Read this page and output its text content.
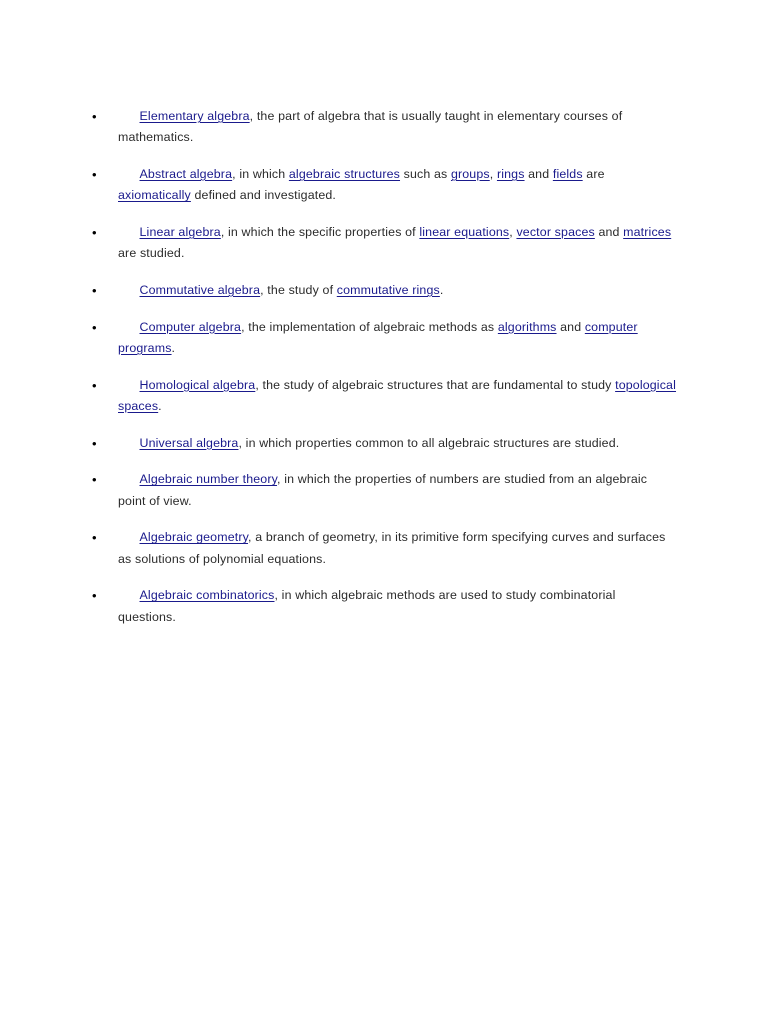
•	Elementary algebra, the part of algebra that is usually taught in elementary courses of mathematics.
•	Abstract algebra, in which algebraic structures such as groups, rings and fields are axiomatically defined and investigated.
•	Linear algebra, in which the specific properties of linear equations, vector spaces and matrices are studied.
•	Commutative algebra, the study of commutative rings.
•	Computer algebra, the implementation of algebraic methods as algorithms and computer programs.
•	Homological algebra, the study of algebraic structures that are fundamental to study topological spaces.
•	Universal algebra, in which properties common to all algebraic structures are studied.
•	Algebraic number theory, in which the properties of numbers are studied from an algebraic point of view.
•	Algebraic geometry, a branch of geometry, in its primitive form specifying curves and surfaces as solutions of polynomial equations.
•	Algebraic combinatorics, in which algebraic methods are used to study combinatorial questions.
